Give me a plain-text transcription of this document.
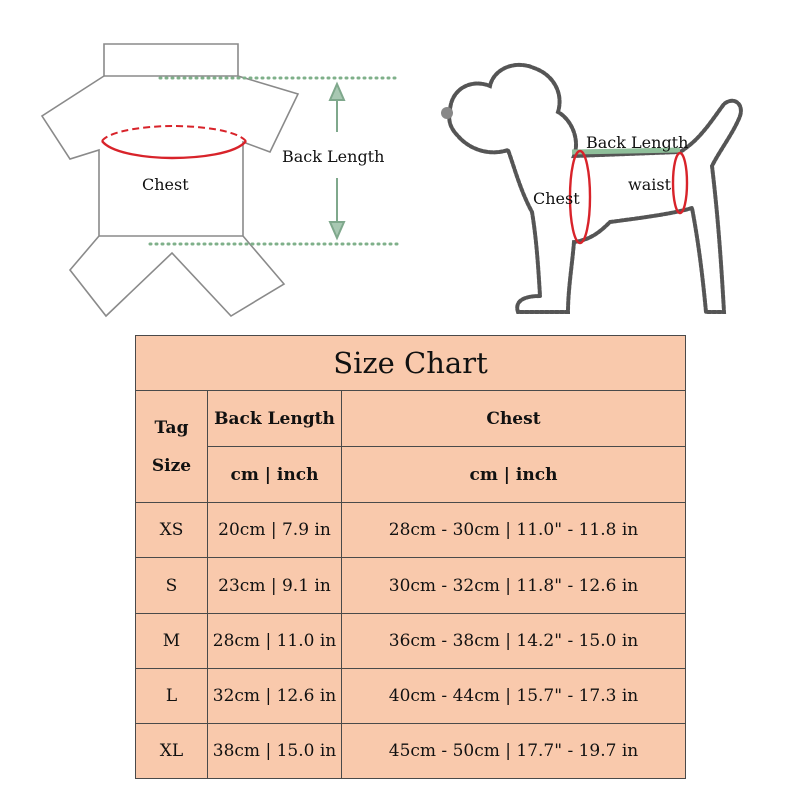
Chest
Back Length
Back Length
Chest
waist
Size Chart		

Tag
Size	Back Length	Chest
	cm | inch	cm | inch
XS	20cm | 7.9 in	28cm - 30cm | 11.0" - 11.8 in
S	23cm | 9.1 in	30cm - 32cm | 11.8" - 12.6 in
M	28cm | 11.0 in	36cm - 38cm | 14.2" - 15.0 in
L	32cm | 12.6 in	40cm - 44cm | 15.7" - 17.3 in
XL	38cm | 15.0 in	45cm - 50cm | 17.7" - 19.7 in
